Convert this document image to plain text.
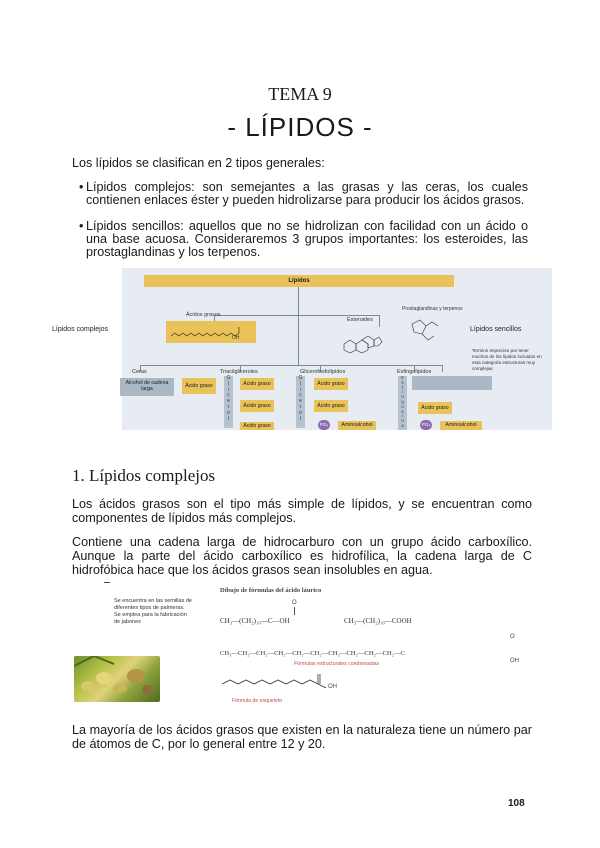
TEMA 9
- LÍPIDOS -
Los lípidos se clasifican en 2 tipos generales:
• Lípidos complejos: son semejantes a las grasas y las ceras, los cuales contienen enlaces éster y pueden hidrolizarse para producir los ácidos grasos.
• Lípidos sencillos: aquellos que no se hidrolizan con facilidad con un ácido o una base acuosa. Consideraremos 3 grupos importantes: los esteroides, las prostaglandinas y los terpenos.
Lípidos
Ácidos grasos
OH
Esteroides
Prostaglandinas y terpenos
Lípidos sencillos
Termino impreciso por tener muchos de los lípidos incluidos en esta categoría estructuras muy complejas
Ceras	Triacilgliceroles	Glicerofosfolípidos	Esfingolípidos
Alcohol de cadena larga	Ácido graso
G
l
i
c
e
r
o
l
Ácido graso
Ácido graso
Ácido graso
G
l
i
c
e
r
o
l
Ácido graso
Ácido graso
PO₄	Aminoalcohol
E
s
f
i
n
g
o
s
i
n
a
Ácido graso
PO₄	Aminoalcohol
Lípidos complejos
1. Lípidos complejos
Los ácidos grasos son el tipo más simple de lípidos, y se encuentran como componentes de lípidos más complejos.
Contiene una cadena larga de hidrocarburo con un grupo ácido carboxílico. Aunque la parte del ácido carboxílico es hidrofílica, la cadena larga de C hidrofóbica hace que los ácidos grasos sean insolubles en agua.
Se encuentra en las semillas de diferentes tipos de palmeras. Se emplea para la fabricación de jabones
Dibujo de fórmulas del ácido láurico
O
CH₃—(CH₂)₁₀—C—OH	CH₃—(CH₂)₁₀—COOH
CH₃—CH₂—CH₂—CH₂—CH₂—CH₂—CH₂—CH₂—CH₂—CH₂—C
O
OH
Fórmulas estructurales condensadas
OH
Fórmula de esqueleto
La mayoría de los ácidos grasos que existen en la naturaleza tiene un número par de átomos de C, por lo general entre 12 y 20.
108
